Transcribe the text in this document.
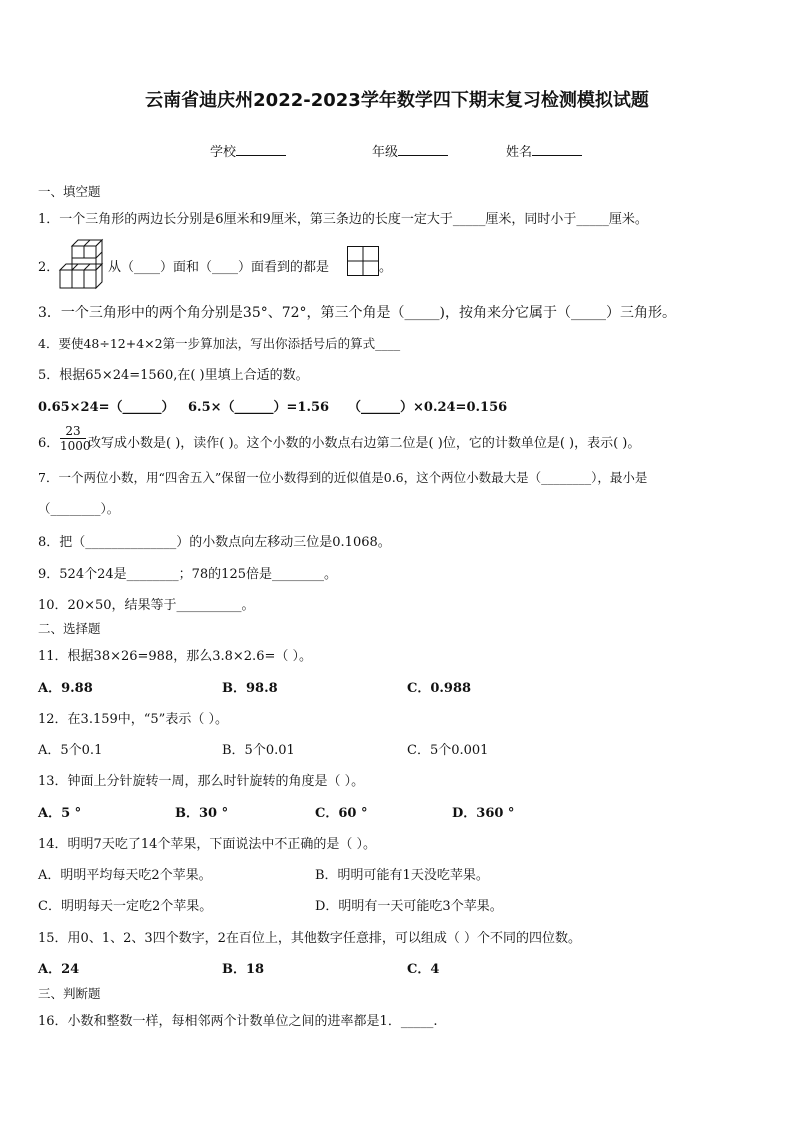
云南省迪庆州2022-2023学年数学四下期末复习检测模拟试题
学校	年级	姓名
一、填空题
1．一个三角形的两边长分别是6厘米和9厘米，第三条边的长度一定大于_____厘米，同时小于_____厘米。
2．	从（____）面和（____）面看到的都是	。
3．一个三角形中的两个角分别是35°、72°，第三个角是（_____)，按角来分它属于（_____）三角形。
4．要使48÷12+4×2第一步算加法，写出你添括号后的算式____
5．根据65×24=1560,在( )里填上合适的数。
0.65×24=（______） 6.5×（______）=1.56 （______）×0.24=0.156
6． $\frac{23}{1000}$ 改写成小数是( )，读作( )。这个小数的小数点右边第二位是( )位，它的计数单位是( )，表示( )。
7．一个两位小数，用“四舍五入”保留一位小数得到的近似值是0.6，这个两位小数最大是（________），最小是
（________）。
8．把（______________）的小数点向左移动三位是0.1068。
9．524个24是________；78的125倍是________。
10．20×50，结果等于__________。
二、选择题
11．根据38×26=988，那么3.8×2.6=（ ）。
A．9.88	B．98.8	C．0.988
12．在3.159中，“5”表示（ ）。
A．5个0.1	B．5个0.01	C．5个0.001
13．钟面上分针旋转一周，那么时针旋转的角度是（ ）。
A．5 °	B．30 °	C．60 °	D．360 °
14．明明7天吃了14个苹果，下面说法中不正确的是（ ）。
A．明明平均每天吃2个苹果。	B．明明可能有1天没吃苹果。
C．明明每天一定吃2个苹果。	D．明明有一天可能吃3个苹果。
15．用0、1、2、3四个数字，2在百位上，其他数字任意排，可以组成（ ）个不同的四位数。
A．24	B．18	C．4
三、判断题
16．小数和整数一样，每相邻两个计数单位之间的进率都是1．_____.
